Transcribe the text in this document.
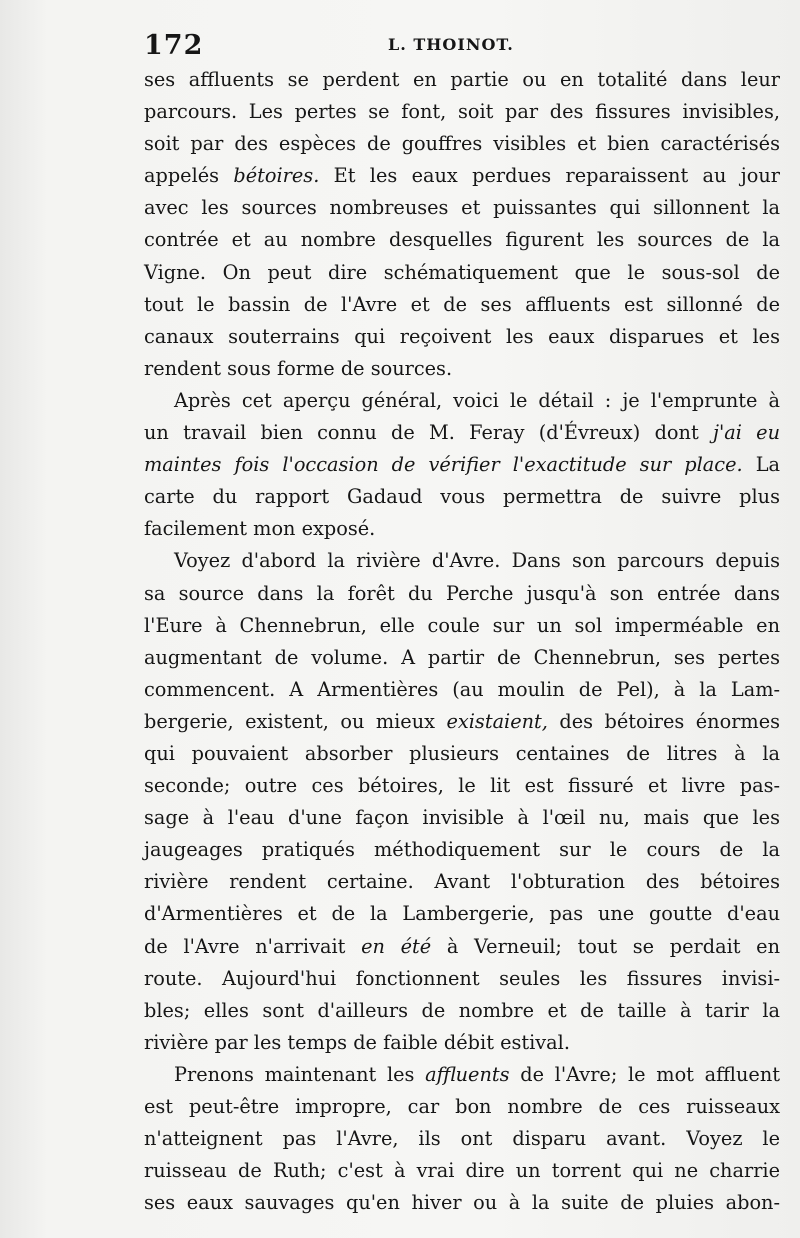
172	L. THOINOT.
ses affluents se perdent en partie ou en totalité dans leur
parcours. Les pertes se font, soit par des fissures invisibles,
soit par des espèces de gouffres visibles et bien caractérisés
appelés bétoires. Et les eaux perdues reparaissent au jour
avec les sources nombreuses et puissantes qui sillonnent la
contrée et au nombre desquelles figurent les sources de la
Vigne. On peut dire schématiquement que le sous-sol de
tout le bassin de l'Avre et de ses affluents est sillonné de
canaux souterrains qui reçoivent les eaux disparues et les
rendent sous forme de sources.
Après cet aperçu général, voici le détail : je l'emprunte à
un travail bien connu de M. Feray (d'Évreux) dont j'ai eu
maintes fois l'occasion de vérifier l'exactitude sur place. La
carte du rapport Gadaud vous permettra de suivre plus
facilement mon exposé.
Voyez d'abord la rivière d'Avre. Dans son parcours depuis
sa source dans la forêt du Perche jusqu'à son entrée dans
l'Eure à Chennebrun, elle coule sur un sol imperméable en
augmentant de volume. A partir de Chennebrun, ses pertes
commencent. A Armentières (au moulin de Pel), à la Lam-
bergerie, existent, ou mieux existaient, des bétoires énormes
qui pouvaient absorber plusieurs centaines de litres à la
seconde; outre ces bétoires, le lit est fissuré et livre pas-
sage à l'eau d'une façon invisible à l'œil nu, mais que les
jaugeages pratiqués méthodiquement sur le cours de la
rivière rendent certaine. Avant l'obturation des bétoires
d'Armentières et de la Lambergerie, pas une goutte d'eau
de l'Avre n'arrivait en été à Verneuil; tout se perdait en
route. Aujourd'hui fonctionnent seules les fissures invisi-
bles; elles sont d'ailleurs de nombre et de taille à tarir la
rivière par les temps de faible débit estival.
Prenons maintenant les affluents de l'Avre; le mot affluent
est peut-être impropre, car bon nombre de ces ruisseaux
n'atteignent pas l'Avre, ils ont disparu avant. Voyez le
ruisseau de Ruth; c'est à vrai dire un torrent qui ne charrie
ses eaux sauvages qu'en hiver ou à la suite de pluies abon-
